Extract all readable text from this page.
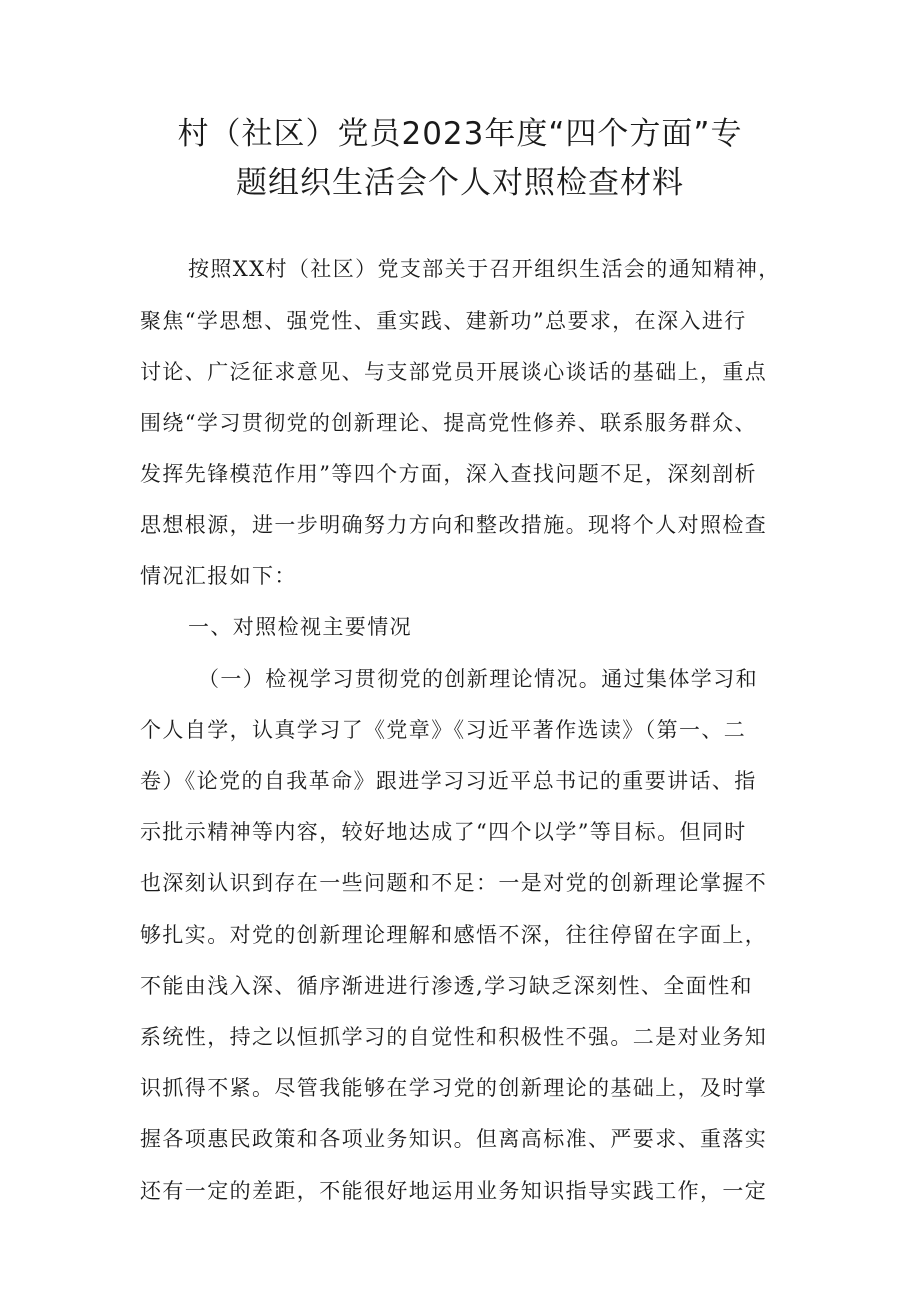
村（社区）党员2023年度“四个方面”专
题组织生活会个人对照检查材料
按照XX村（社区）党支部关于召开组织生活会的通知精神，
聚焦“学思想、强党性、重实践、建新功”总要求，在深入进行
讨论、广泛征求意见、与支部党员开展谈心谈话的基础上，重点
围绕“学习贯彻党的创新理论、提高党性修养、联系服务群众、
发挥先锋模范作用”等四个方面，深入查找问题不足，深刻剖析
思想根源，进一步明确努力方向和整改措施。现将个人对照检查
情况汇报如下：
一、对照检视主要情况
（一）检视学习贯彻党的创新理论情况。通过集体学习和
个人自学，认真学习了《党章》《习近平著作选读》（第一、二
卷）《论党的自我革命》跟进学习习近平总书记的重要讲话、指
示批示精神等内容，较好地达成了“四个以学”等目标。但同时
也深刻认识到存在一些问题和不足：一是对党的创新理论掌握不
够扎实。对党的创新理论理解和感悟不深，往往停留在字面上，
不能由浅入深、循序渐进进行渗透,学习缺乏深刻性、全面性和
系统性，持之以恒抓学习的自觉性和积极性不强。二是对业务知
识抓得不紧。尽管我能够在学习党的创新理论的基础上，及时掌
握各项惠民政策和各项业务知识。但离高标准、严要求、重落实
还有一定的差距，不能很好地运用业务知识指导实践工作，一定
